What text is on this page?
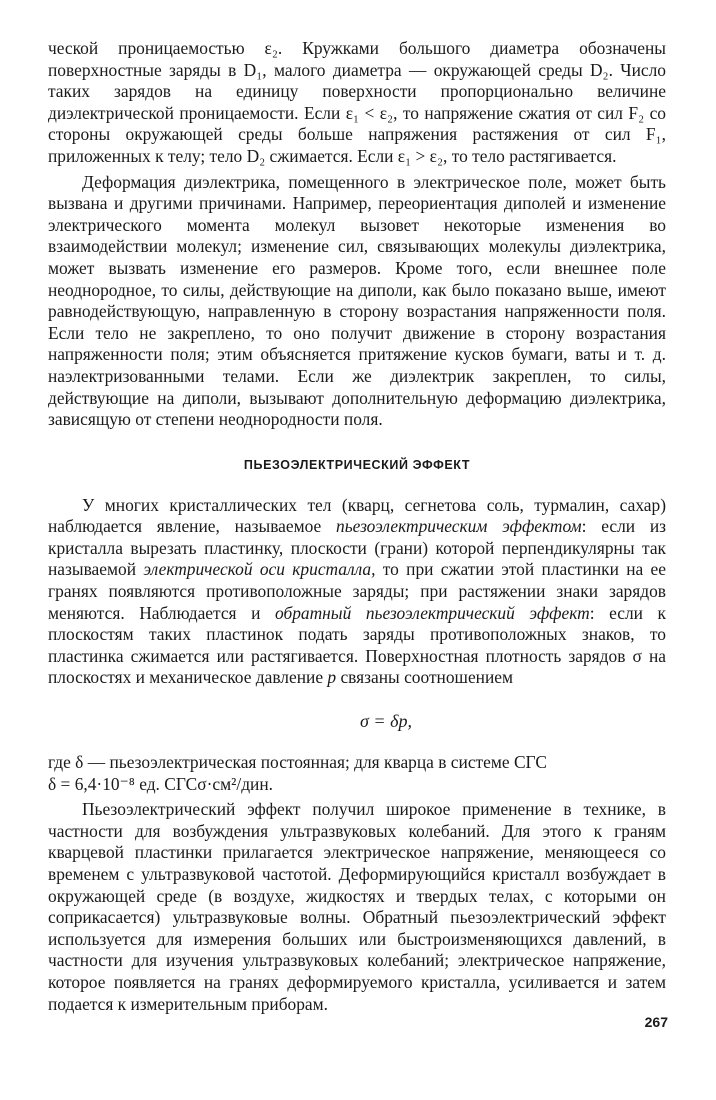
ческой проницаемостью ε₂. Кружками большого диаметра обозначены поверхностные заряды в D₁, малого диаметра — окружающей среды D₂. Число таких зарядов на единицу поверхности пропорционально величине диэлектрической проницаемости. Если ε₁ < ε₂, то напряжение сжатия от сил F₂ со стороны окружающей среды больше напряжения растяжения от сил F₁, приложенных к телу; тело D₂ сжимается. Если ε₁ > ε₂, то тело растягивается.

Деформация диэлектрика, помещенного в электрическое поле, может быть вызвана и другими причинами. Например, переориентация диполей и изменение электрического момента молекул вызовет некоторые изменения во взаимодействии молекул; изменение сил, связывающих молекулы диэлектрика, может вызвать изменение его размеров. Кроме того, если внешнее поле неоднородное, то силы, действующие на диполи, как было показано выше, имеют равнодействующую, направленную в сторону возрастания напряженности поля. Если тело не закреплено, то оно получит движение в сторону возрастания напряженности поля; этим объясняется притяжение кусков бумаги, ваты и т. д. наэлектризованными телами. Если же диэлектрик закреплен, то силы, действующие на диполи, вызывают дополнительную деформацию диэлектрика, зависящую от степени неоднородности поля.

ПЬЕЗОЭЛЕКТРИЧЕСКИЙ ЭФФЕКТ

У многих кристаллических тел (кварц, сегнетова соль, турмалин, сахар) наблюдается явление, называемое пьезоэлектрическим эффектом: если из кристалла вырезать пластинку, плоскости (грани) которой перпендикулярны так называемой электрической оси кристалла, то при сжатии этой пластинки на ее гранях появляются противоположные заряды; при растяжении знаки зарядов меняются. Наблюдается и обратный пьезоэлектрический эффект: если к плоскостям таких пластинок подать заряды противоположных знаков, то пластинка сжимается или растягивается. Поверхностная плотность зарядов σ на плоскостях и механическое давление p связаны соотношением

σ = δp,

где δ — пьезоэлектрическая постоянная; для кварца в системе СГС

δ = 6,4·10⁻⁸ ед. СГСσ·см²/дин.

Пьезоэлектрический эффект получил широкое применение в технике, в частности для возбуждения ультразвуковых колебаний. Для этого к граням кварцевой пластинки прилагается электрическое напряжение, меняющееся со временем с ультразвуковой частотой. Деформирующийся кристалл возбуждает в окружающей среде (в воздухе, жидкостях и твердых телах, с которыми он соприкасается) ультразвуковые волны. Обратный пьезоэлектрический эффект используется для измерения больших или быстроизменяющихся давлений, в частности для изучения ультразвуковых колебаний; электрическое напряжение, которое появляется на гранях деформируемого кристалла, усиливается и затем подается к измерительным приборам.

267
